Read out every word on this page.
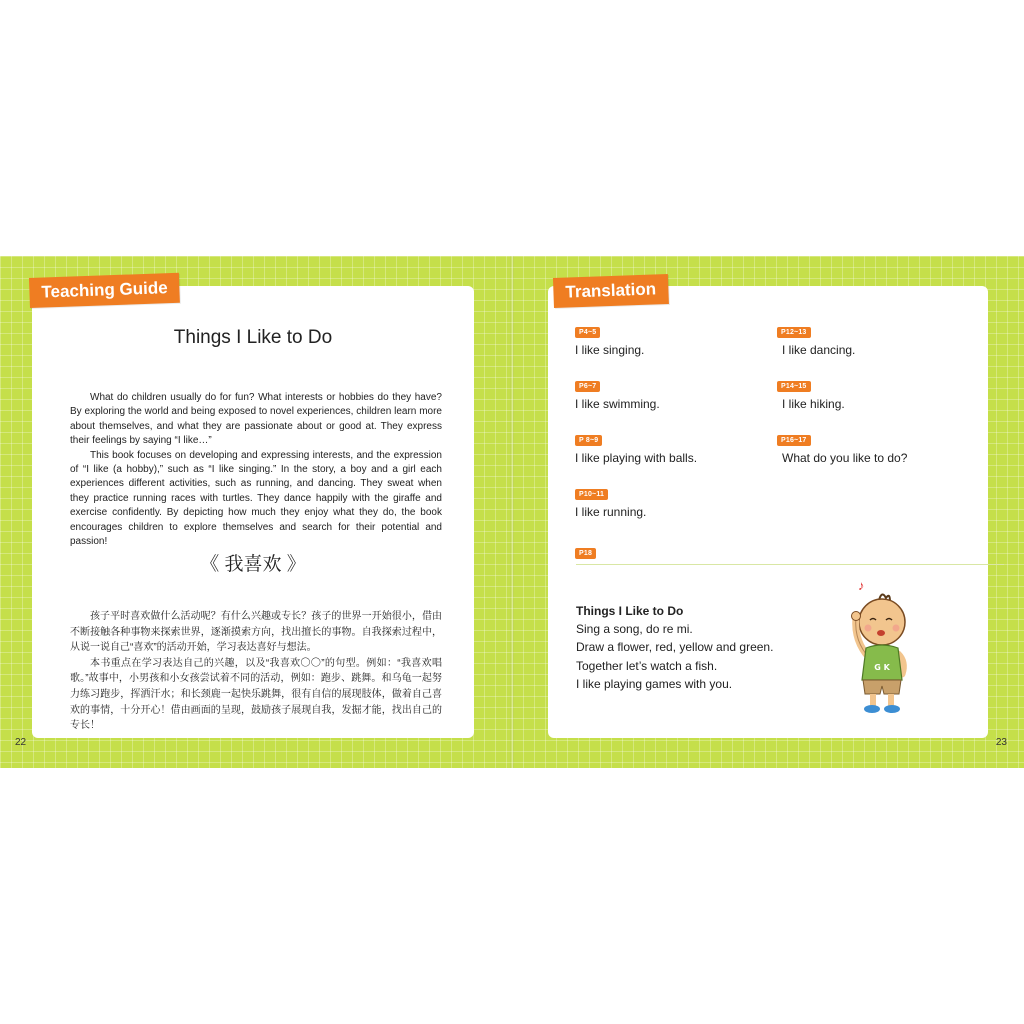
Things I Like to Do

What do children usually do for fun? What interests or hobbies do they have? By exploring the world and being exposed to novel experiences, children learn more about themselves, and what they are passionate about or good at. They express their feelings by saying “I like…”

This book focuses on developing and expressing interests, and the expression of “I like (a hobby),” such as “I like singing.” In the story, a boy and a girl each experiences different activities, such as running, and dancing. They sweat when they practice running races with turtles. They dance happily with the giraffe and exercise confidently. By depicting how much they enjoy what they do, the book encourages children to explore themselves and search for their potential and passion!

《 我喜欢 》

孩子平时喜欢做什么活动呢？有什么兴趣或专长？孩子的世界一开始很小，借由不断接触各种事物来探索世界，逐渐摸索方向，找出擅长的事物。自我探索过程中，从说一说自己“喜欢”的活动开始，学习表达喜好与想法。

本书重点在学习表达自己的兴趣，以及“我喜欢〇〇”的句型。例如：“我喜欢唱歌。”故事中，小男孩和小女孩尝试着不同的活动，例如：跑步、跳舞。和乌龟一起努力练习跑步，挥洒汗水；和长颈鹿一起快乐跳舞，很有自信的展现肢体，做着自己喜欢的事情，十分开心！借由画面的呈现，鼓励孩子展现自我，发掘才能，找出自己的专长！

Teaching Guide
22
P4~5
I like singing.
P12~13
I like dancing.
P6~7
I like swimming.
P14~15
I like hiking.
P 8~9
I like playing with balls.
P16~17
What do you like to do?
P10~11
I like running.
P18
Things I Like to Do
Sing a song, do re mi.
Draw a flower, red, yellow and green.
Together let’s watch a fish.
I like playing games with you.
Translation
23
♪
G K
